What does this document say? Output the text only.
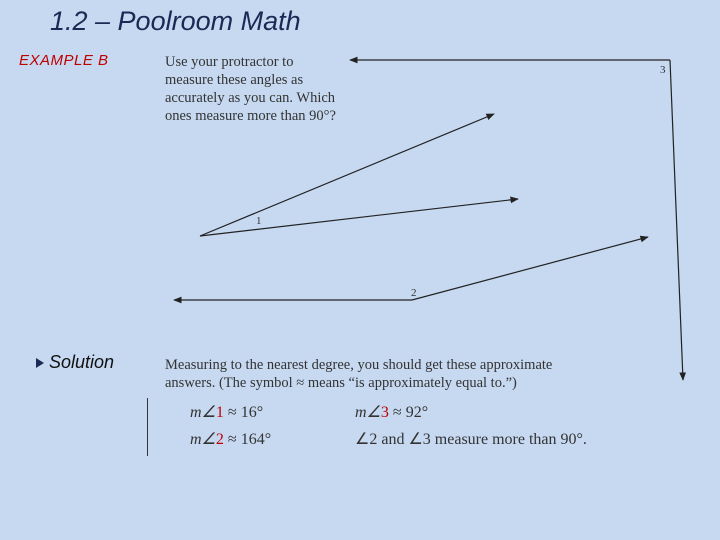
1.2 – Poolroom Math
EXAMPLE B	Use your protractor to measure these angles as accurately as you can. Which ones measure more than 90°?
1
2
3
Solution	Measuring to the nearest degree, you should get these approximate answers. (The symbol ≈ means “is approximately equal to.”)
m∠1 ≈ 16°	m∠3 ≈ 92°
m∠2 ≈ 164°	∠2 and ∠3 measure more than 90°.
